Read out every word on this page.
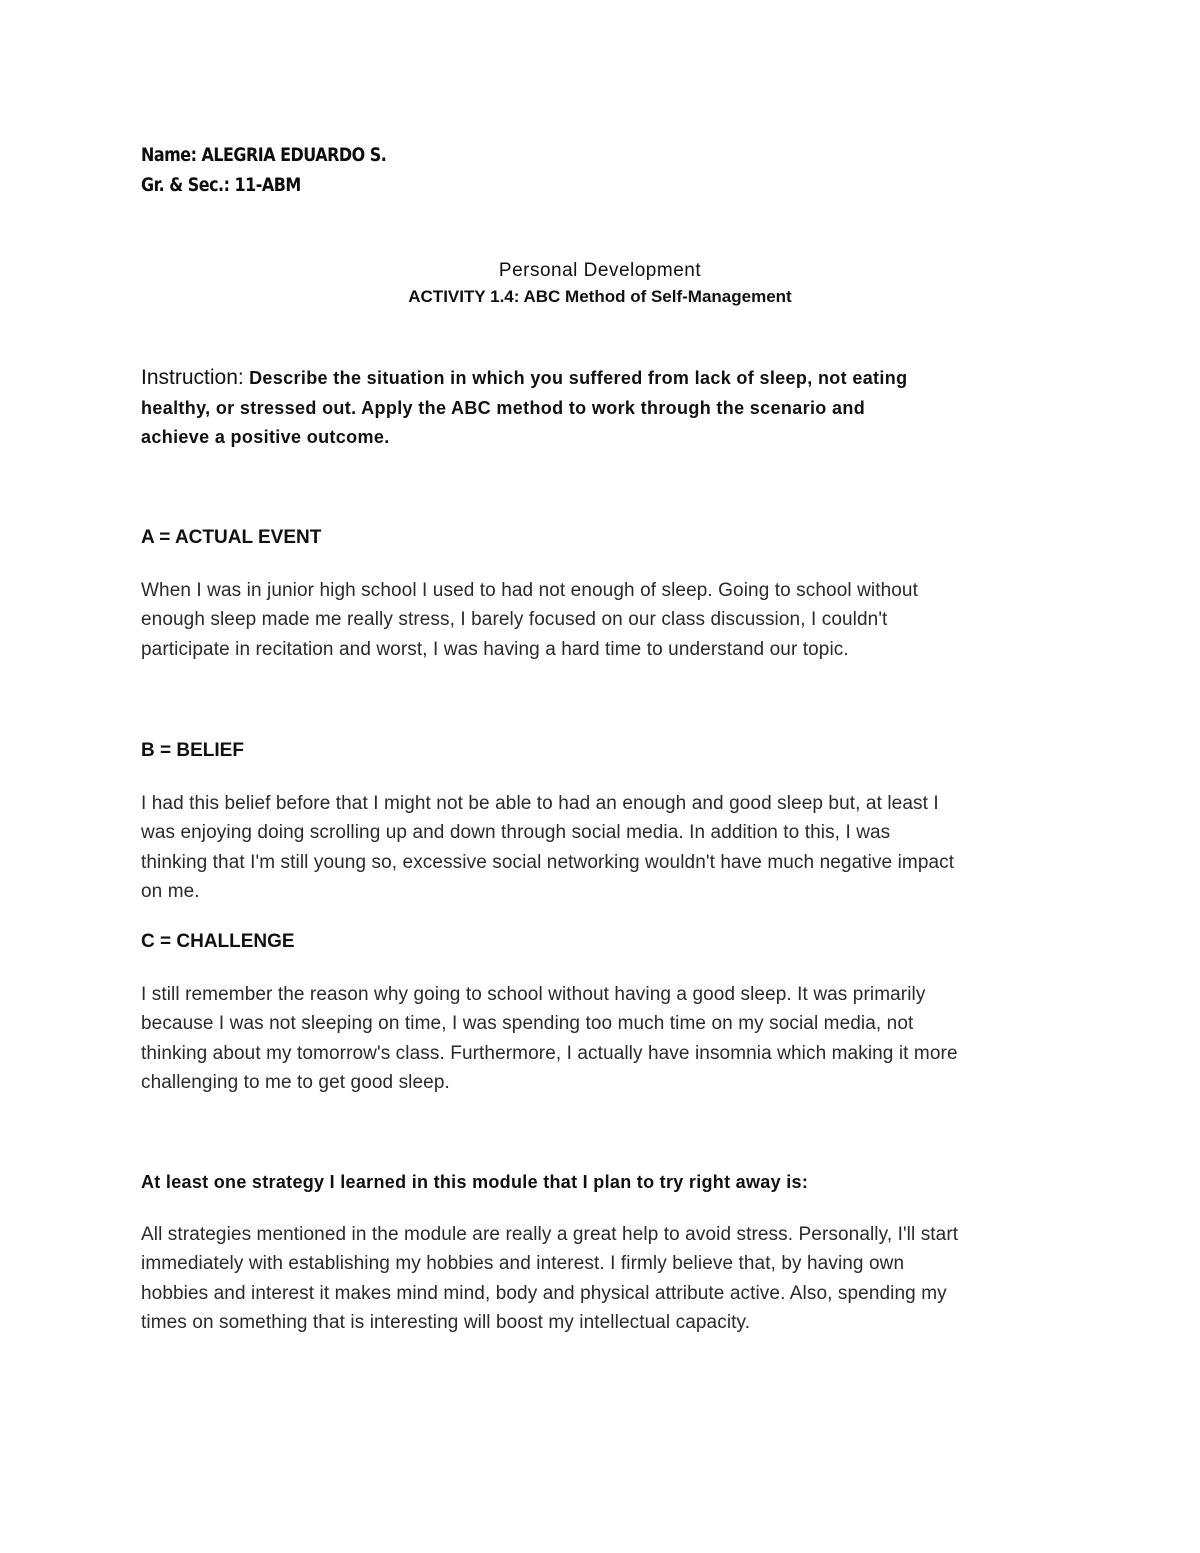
Name: ALEGRIA EDUARDO S.

Gr. & Sec.: 11-ABM

Personal Development

ACTIVITY 1.4: ABC Method of Self-Management

Instruction: Describe the situation in which you suffered from lack of sleep, not eating
healthy, or stressed out. Apply the ABC method to work through the scenario and
achieve a positive outcome.

A = ACTUAL EVENT

When I was in junior high school I used to had not enough of sleep. Going to school without
enough sleep made me really stress, I barely focused on our class discussion, I couldn't
participate in recitation and worst, I was having a hard time to understand our topic.

B = BELIEF

I had this belief before that I might not be able to had an enough and good sleep but, at least I
was enjoying doing scrolling up and down through social media. In addition to this, I was
thinking that I'm still young so, excessive social networking wouldn't have much negative impact
on me.

C = CHALLENGE

I still remember the reason why going to school without having a good sleep. It was primarily
because I was not sleeping on time, I was spending too much time on my social media, not
thinking about my tomorrow's class. Furthermore, I actually have insomnia which making it more
challenging to me to get good sleep.

At least one strategy I learned in this module that I plan to try right away is:

All strategies mentioned in the module are really a great help to avoid stress. Personally, I'll start
immediately with establishing my hobbies and interest. I firmly believe that, by having own
hobbies and interest it makes mind mind, body and physical attribute active. Also, spending my
times on something that is interesting will boost my intellectual capacity.
